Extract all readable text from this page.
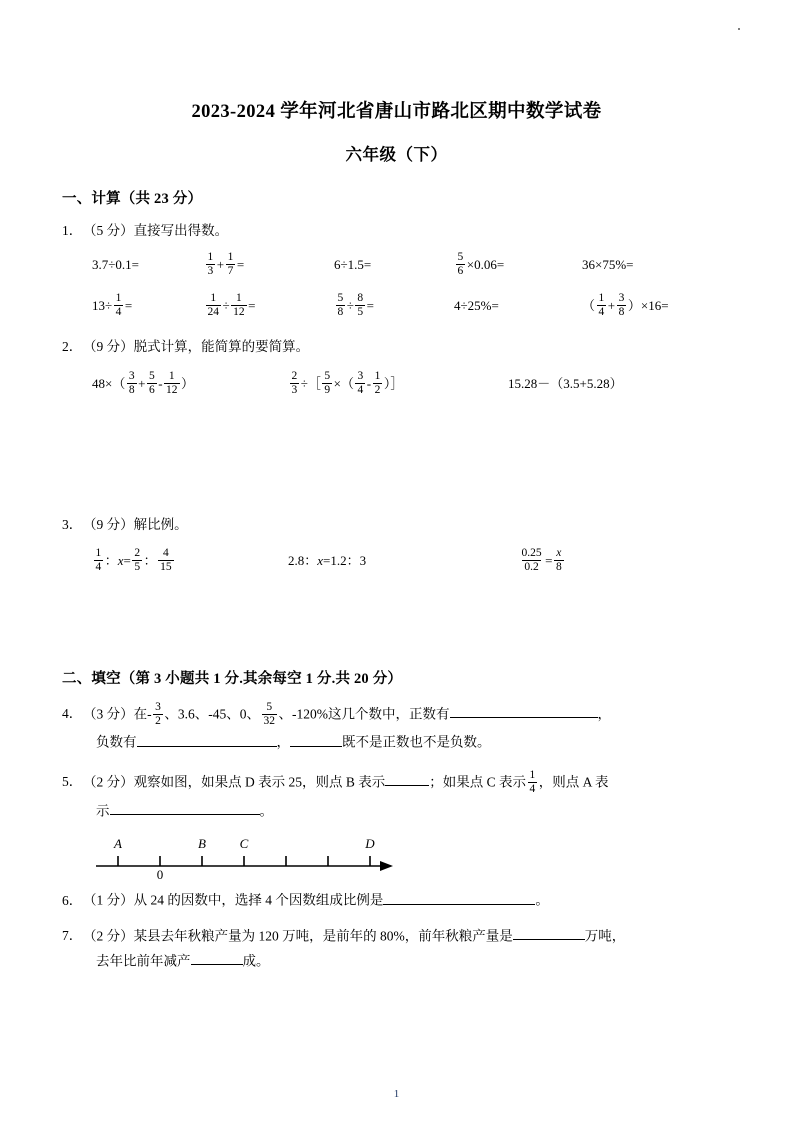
2023-2024 学年河北省唐山市路北区期中数学试卷
六年级（下）
一、计算（共 23 分）
1．（5 分）直接写出得数。
3.7÷0.1=	$\frac{1}{3} + \frac{1}{7}$ =	6÷1.5=	$\frac{5}{6} \times 0.06=$	36×75%=
$13\div \frac{1}{4}$ =	$\frac{1}{24} \div \frac{1}{12}$ =	$\frac{5}{8} \div \frac{8}{5}$ =	4÷25%=	（ $\frac{1}{4} + \frac{3}{8} )\times 16=$
2．（9 分）脱式计算，能简算的要简算。
$48\times( \frac{3}{8} + \frac{5}{6} - \frac{1}{12}$ ）	$\frac{2}{3}$ ÷［ $\frac{5}{9}$ ×（ $\frac{3}{4} - \frac{1}{2}$ ）］	15.28－（3.5+5.28）
3．（9 分）解比例。
$\frac{1}{4}$ ： $x = \frac{2}{5}$ ： $\frac{4}{15}$	2.8： x =1.2：3	$\frac{0.25}{0.2} = \frac{x}{8}$
二、填空（第 3 小题共 1 分.其余每空 1 分.共 20 分）
4．（3 分）在- $\frac{3}{2}$ 、3.6、-45、0、 $\frac{5}{32}$ 、-120%这几个数中，正数有	，
负数有	，	既不是正数也不是负数。
5．（2 分）观察如图，如果点 D 表示 25，则点 B 表示	；如果点 C 表示 $\frac{1}{4}$ ，则点 A 表
示	。
A	B	C	D
0
6．（1 分）从 24 的因数中，选择 4 个因数组成比例是	。
7．（2 分）某县去年秋粮产量为 120 万吨，是前年的 80%，前年秋粮产量是	万吨，
去年比前年减产	成。
1
